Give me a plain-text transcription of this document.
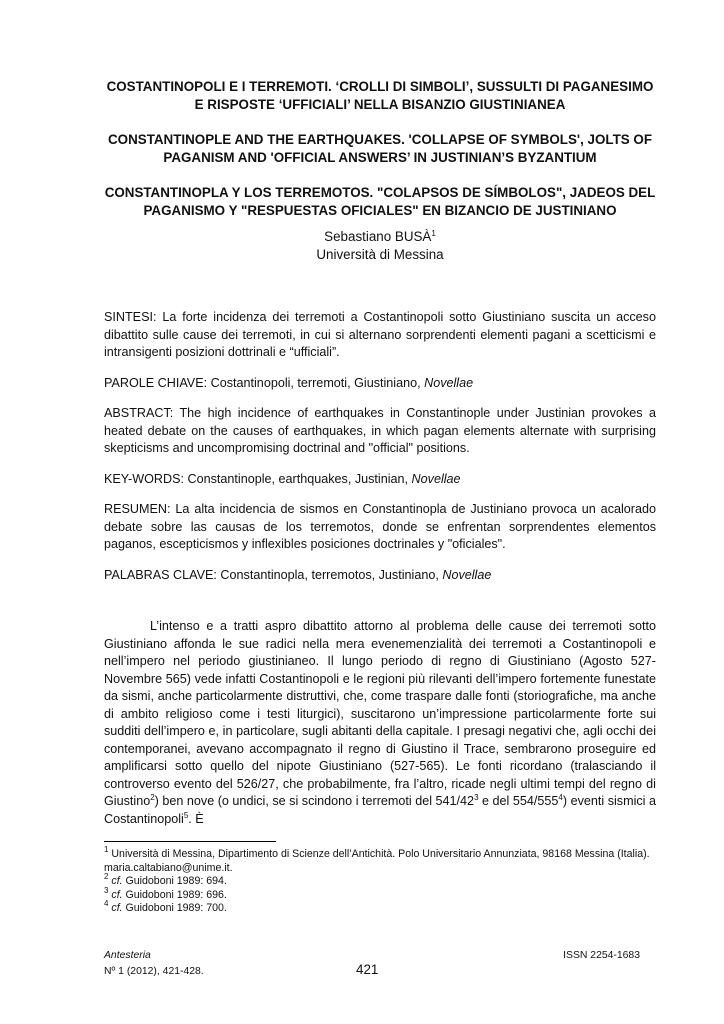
COSTANTINOPOLI E I TERREMOTI. ‘CROLLI DI SIMBOLI’, SUSSULTI DI PAGANESIMO E RISPOSTE ‘UFFICIALI’ NELLA BISANZIO GIUSTINIANEA
CONSTANTINOPLE AND THE EARTHQUAKES. 'COLLAPSE OF SYMBOLS', JOLTS OF PAGANISM AND 'OFFICIAL ANSWERS’ IN JUSTINIAN’S BYZANTIUM
CONSTANTINOPLA Y LOS TERREMOTOS. "COLAPSOS DE SÍMBOLOS", JADEOS DEL PAGANISMO Y "RESPUESTAS OFICIALES" EN BIZANCIO DE JUSTINIANO
Sebastiano BUSÀ$^1$
Università di Messina

SINTESI: La forte incidenza dei terremoti a Costantinopoli sotto Giustiniano suscita un acceso dibattito sulle cause dei terremoti, in cui si alternano sorprendenti elementi pagani a scetticismi e intransigenti posizioni dottrinali e “ufficiali”.

PAROLE CHIAVE: Costantinopoli, terremoti, Giustiniano, Novellae

ABSTRACT: The high incidence of earthquakes in Constantinople under Justinian provokes a heated debate on the causes of earthquakes, in which pagan elements alternate with surprising skepticisms and uncompromising doctrinal and "official" positions.

KEY-WORDS: Constantinople, earthquakes, Justinian, Novellae

RESUMEN: La alta incidencia de sismos en Constantinopla de Justiniano provoca un acalorado debate sobre las causas de los terremotos, donde se enfrentan sorprendentes elementos paganos, escepticismos y inflexibles posiciones doctrinales y "oficiales".

PALABRAS CLAVE: Constantinopla, terremotos, Justiniano, Novellae

L’intenso e a tratti aspro dibattito attorno al problema delle cause dei terremoti sotto Giustiniano affonda le sue radici nella mera evenemenzialità dei terremoti a Costantinopoli e nell’impero nel periodo giustinianeo. Il lungo periodo di regno di Giustiniano (Agosto 527-Novembre 565) vede infatti Costantinopoli e le regioni più rilevanti dell’impero fortemente funestate da sismi, anche particolarmente distruttivi, che, come traspare dalle fonti (storiografiche, ma anche di ambito religioso come i testi liturgici), suscitarono un’impressione particolarmente forte sui sudditi dell’impero e, in particolare, sugli abitanti della capitale. I presagi negativi che, agli occhi dei contemporanei, avevano accompagnato il regno di Giustino il Trace, sembrarono proseguire ed amplificarsi sotto quello del nipote Giustiniano (527-565). Le fonti ricordano (tralasciando il controverso evento del 526/27, che probabilmente, fra l’altro, ricade negli ultimi tempi del regno di Giustino$^2$) ben nove (o undici, se si scindono i terremoti del $541/42^3$ e del $554/555^4$) eventi sismici a Costantinopoli$^5$. È

$^1$ Università di Messina, Dipartimento di Scienze dell’Antichità. Polo Universitario Annunziata, 98168 Messina (Italia). maria.caltabiano@unime.it.
$^2$ cf. Guidoboni 1989: 694.
$^3$ cf. Guidoboni 1989: 696.
$^4$ cf. Guidoboni 1989: 700.
Antesteria
Nº 1 (2012), 421-428.	421
ISSN 2254-1683
